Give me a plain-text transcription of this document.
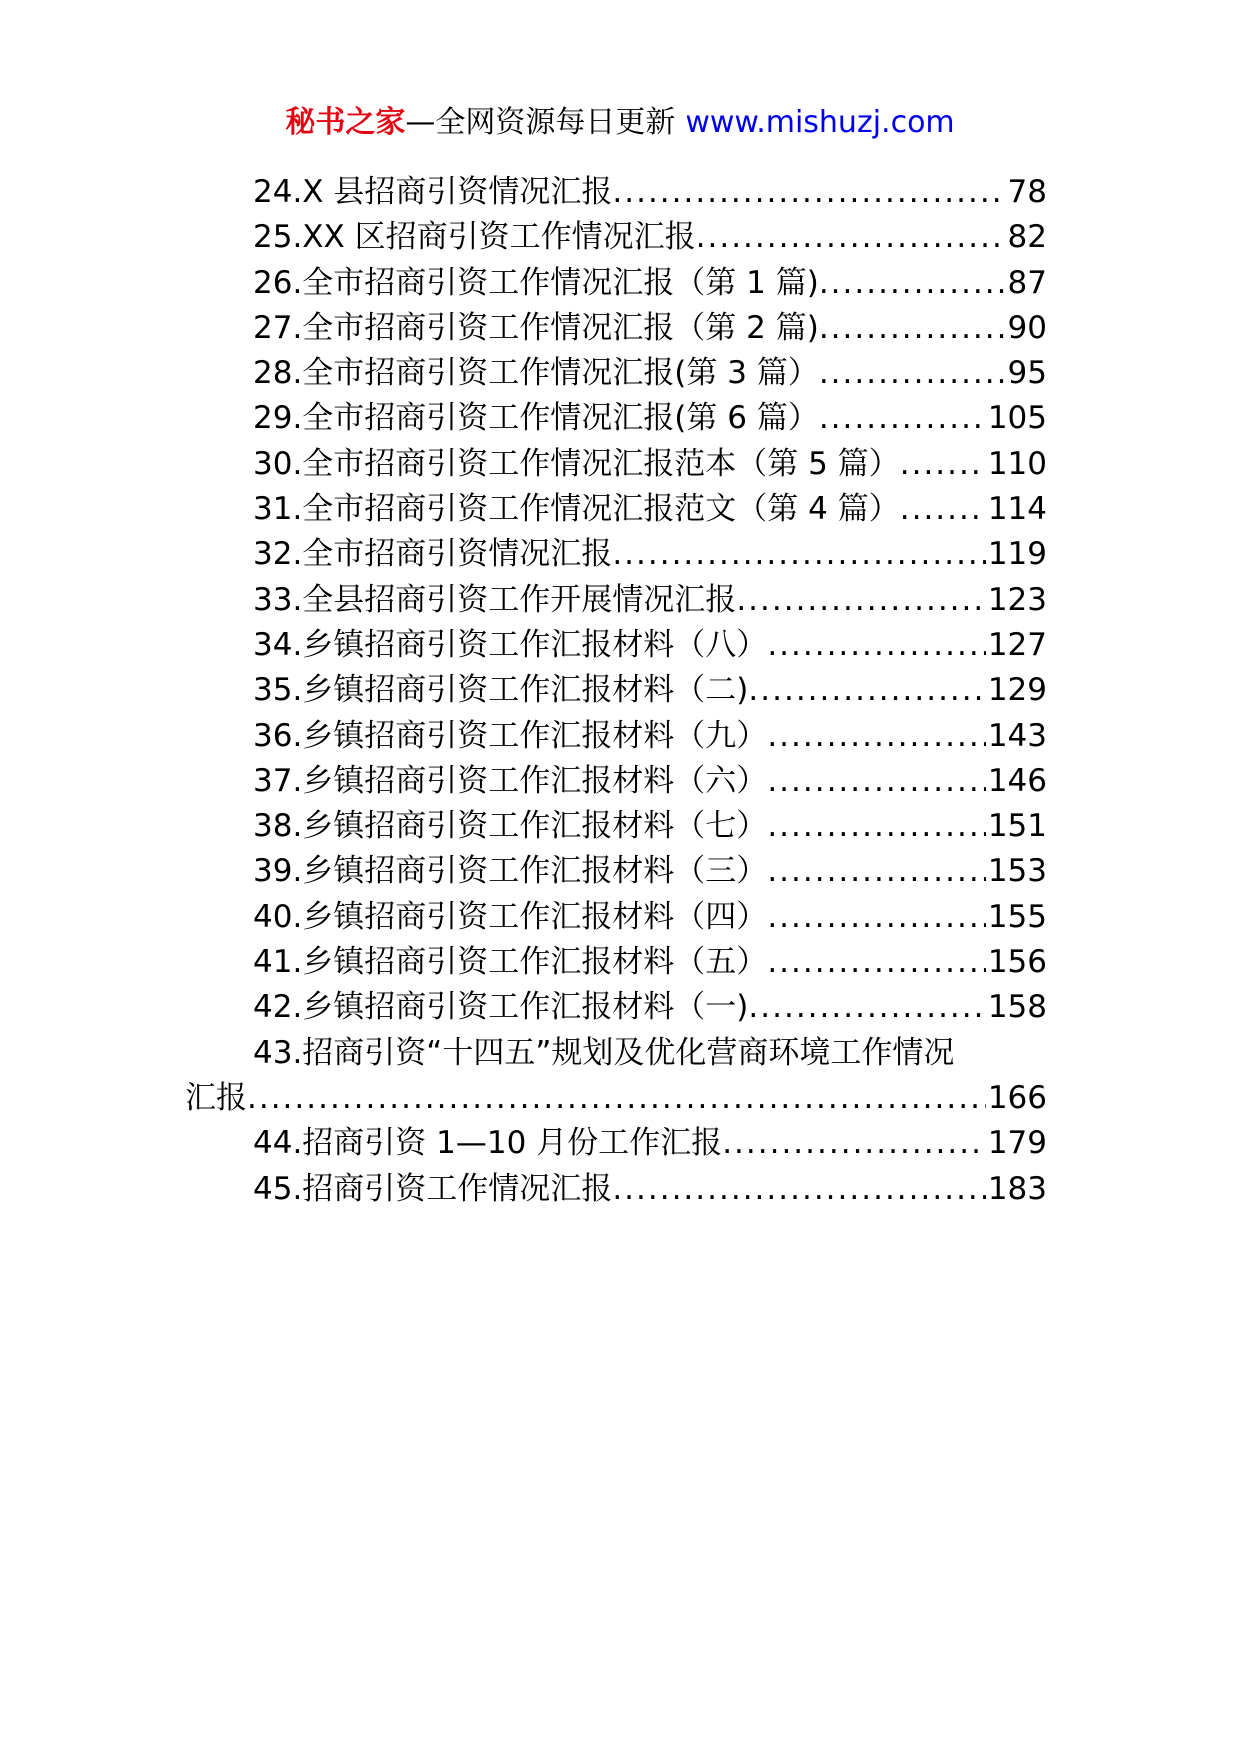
秘书之家—全网资源每日更新 www.mishuzj.com
24.X 县招商引资情况汇报 .....	78
25.XX 区招商引资工作情况汇报 .....	82
26.全市招商引资工作情况汇报（第 1 篇) .....	87
27.全市招商引资工作情况汇报（第 2 篇) .....	90
28.全市招商引资工作情况汇报(第 3 篇） .....	95
29.全市招商引资工作情况汇报(第 6 篇） .....	105
30.全市招商引资工作情况汇报范本（第 5 篇） .....	110
31.全市招商引资工作情况汇报范文（第 4 篇） .....	114
32.全市招商引资情况汇报 .....	119
33.全县招商引资工作开展情况汇报 .....	123
34.乡镇招商引资工作汇报材料（八） .....	127
35.乡镇招商引资工作汇报材料（二) .....	129
36.乡镇招商引资工作汇报材料（九） .....	143
37.乡镇招商引资工作汇报材料（六） .....	146
38.乡镇招商引资工作汇报材料（七） .....	151
39.乡镇招商引资工作汇报材料（三） .....	153
40.乡镇招商引资工作汇报材料（四） .....	155
41.乡镇招商引资工作汇报材料（五） .....	156
42.乡镇招商引资工作汇报材料（一) .....	158
43.招商引资“十四五”规划及优化营商环境工作情况
汇报 .....	166
44.招商引资 1—10 月份工作汇报 .....	179
45.招商引资工作情况汇报 .....	183
